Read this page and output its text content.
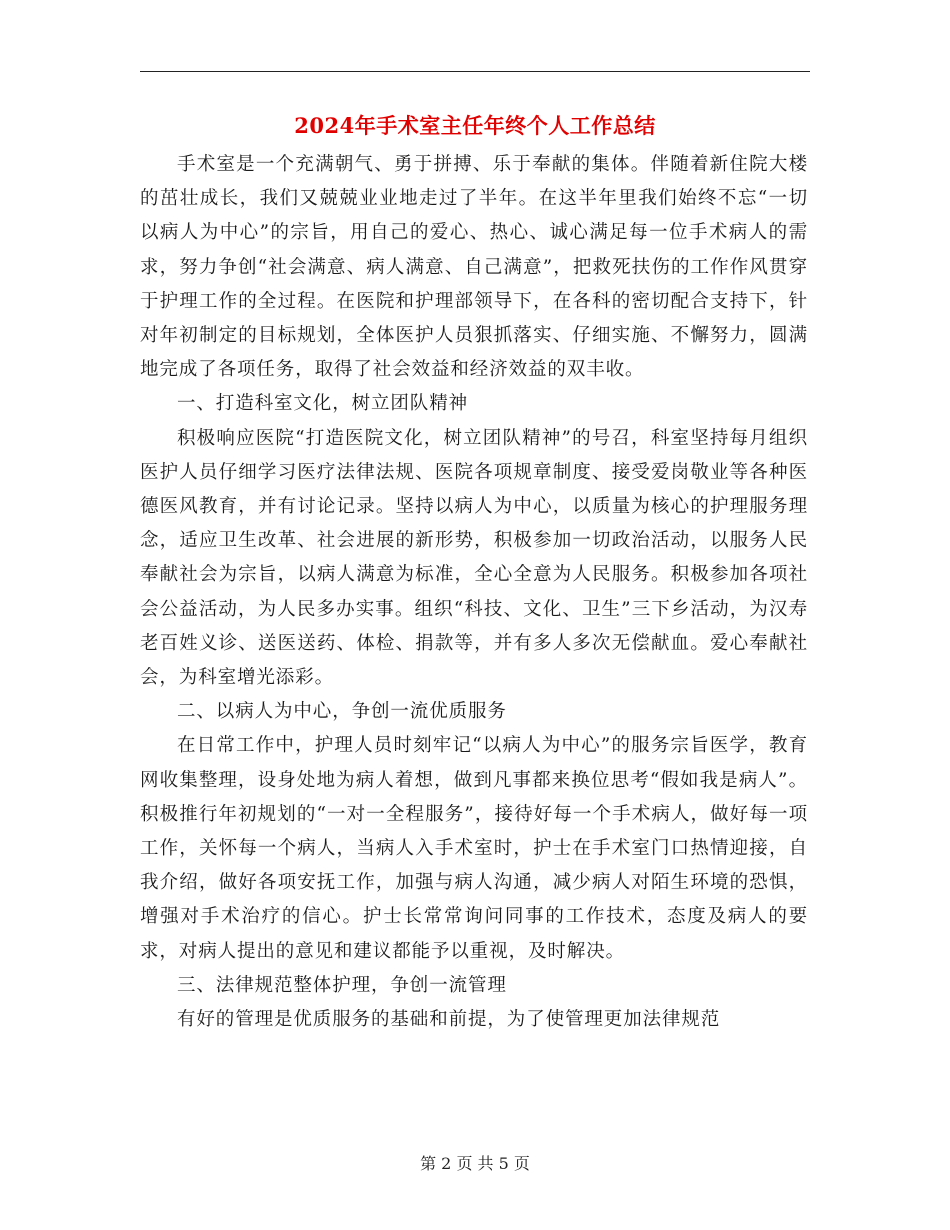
2024年手术室主任年终个人工作总结

手术室是一个充满朝气、勇于拼搏、乐于奉献的集体。伴随着新住院大楼的茁壮成长，我们又兢兢业业地走过了半年。在这半年里我们始终不忘“一切以病人为中心”的宗旨，用自己的爱心、热心、诚心满足每一位手术病人的需求，努力争创“社会满意、病人满意、自己满意”，把救死扶伤的工作作风贯穿于护理工作的全过程。在医院和护理部领导下，在各科的密切配合支持下，针对年初制定的目标规划，全体医护人员狠抓落实、仔细实施、不懈努力，圆满地完成了各项任务，取得了社会效益和经济效益的双丰收。

一、打造科室文化，树立团队精神

积极响应医院“打造医院文化，树立团队精神”的号召，科室坚持每月组织医护人员仔细学习医疗法律法规、医院各项规章制度、接受爱岗敬业等各种医德医风教育，并有讨论记录。坚持以病人为中心，以质量为核心的护理服务理念，适应卫生改革、社会进展的新形势，积极参加一切政治活动，以服务人民奉献社会为宗旨，以病人满意为标准，全心全意为人民服务。积极参加各项社会公益活动，为人民多办实事。组织“科技、文化、卫生”三下乡活动，为汉寿老百姓义诊、送医送药、体检、捐款等，并有多人多次无偿献血。爱心奉献社会，为科室增光添彩。

二、以病人为中心，争创一流优质服务

在日常工作中，护理人员时刻牢记“以病人为中心”的服务宗旨医学，教育网收集整理，设身处地为病人着想，做到凡事都来换位思考“假如我是病人”。积极推行年初规划的“一对一全程服务”，接待好每一个手术病人，做好每一项工作，关怀每一个病人，当病人入手术室时，护士在手术室门口热情迎接，自我介绍，做好各项安抚工作，加强与病人沟通，减少病人对陌生环境的恐惧，增强对手术治疗的信心。护士长常常询问同事的工作技术，态度及病人的要求，对病人提出的意见和建议都能予以重视，及时解决。

三、法律规范整体护理，争创一流管理

有好的管理是优质服务的基础和前提，为了使管理更加法律规范

第 2 页 共 5 页
